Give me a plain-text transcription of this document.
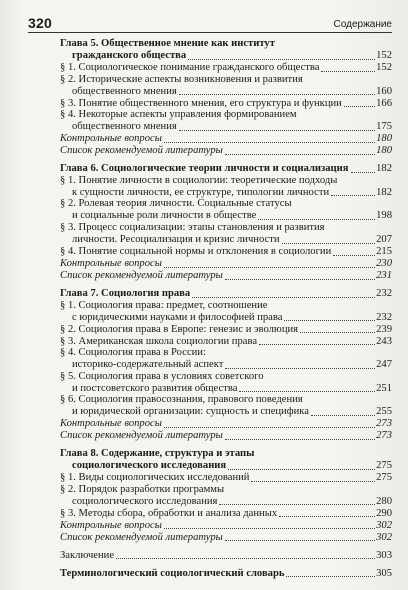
320	Содержание
Глава 5. Общественное мнение как институт
гражданского общества	152
§ 1. Социологическое понимание гражданского общества	152
§ 2. Исторические аспекты возникновения и развития
общественного мнения	160
§ 3. Понятие общественного мнения, его структура и функции	166
§ 4. Некоторые аспекты управления формированием
общественного мнения	175
Контрольные вопросы	180
Список рекомендуемой литературы	180
Глава 6. Социологические теории личности и социализация	182
§ 1. Понятие личности в социологии: теоретические подходы
к сущности личности, ее структуре, типологии личности	182
§ 2. Ролевая теория личности. Социальные статусы
и социальные роли личности в обществе	198
§ 3. Процесс социализации: этапы становления и развития
личности. Ресоциализация и кризис личности	207
§ 4. Понятие социальной нормы и отклонения в социологии	215
Контрольные вопросы	230
Список рекомендуемой литературы	231
Глава 7. Социология права	232
§ 1. Социология права: предмет, соотношение
с юридическими науками и философией права	232
§ 2. Социология права в Европе: генезис и эволюция	239
§ 3. Американская школа социологии права	243
§ 4. Социология права в России:
историко-содержательный аспект	247
§ 5. Социология права в условиях советского
и постсоветского развития общества	251
§ 6. Социология правосознания, правового поведения
и юридической организации: сущность и специфика	255
Контрольные вопросы	273
Список рекомендуемой литературы	273
Глава 8. Содержание, структура и этапы
социологического исследования	275
§ 1. Виды социологических исследований	275
§ 2. Порядок разработки программы
социологического исследования	280
§ 3. Методы сбора, обработки и анализа данных	290
Контрольные вопросы	302
Список рекомендуемой литературы	302
Заключение	303
Терминологический социологический словарь	305
